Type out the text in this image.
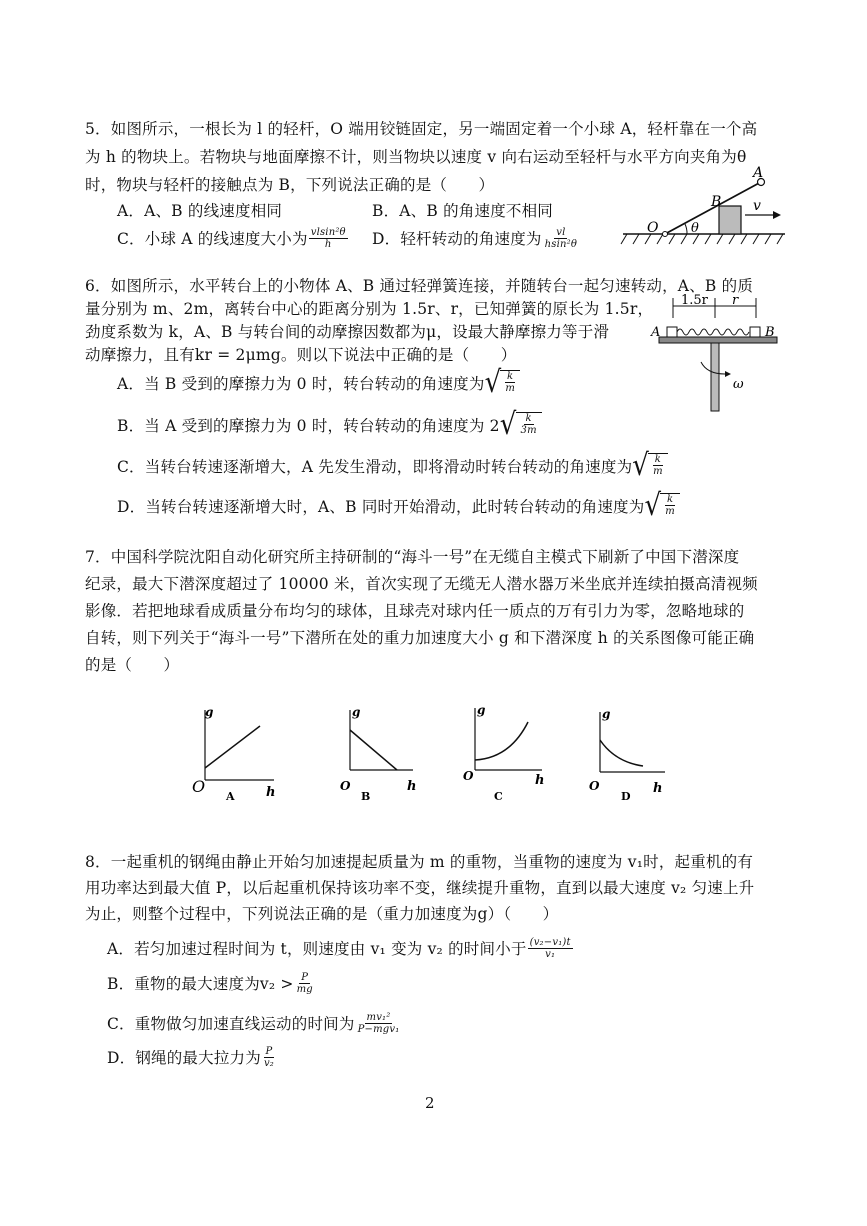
5．如图所示，一根长为 l 的轻杆，O 端用铰链固定，另一端固定着一个小球 A，轻杆靠在一个高
为 h 的物块上。若物块与地面摩擦不计，则当物块以速度 v 向右运动至轻杆与水平方向夹角为θ
时，物块与轻杆的接触点为 B，下列说法正确的是（　　）
A．A、B 的线速度相同	B．A、B 的角速度不相同
C．小球 A 的线速度大小为 $\frac{\text{vlsin²θ}}{h}$ D．轻杆转动的角速度为 $\frac{vl}{\text{hsin²θ}}$
A
B
O	θ
v
6．如图所示，水平转台上的小物体 A、B 通过轻弹簧连接，并随转台一起匀速转动，A、B 的质
量分别为 m、2m，离转台中心的距离分别为 1.5r、r，已知弹簧的原长为 1.5r，
劲度系数为 k，A、B 与转台间的动摩擦因数都为μ，设最大静摩擦力等于滑
动摩擦力，且有kr = 2μmg。则以下说法中正确的是（　　）
A．当 B 受到的摩擦力为 0 时，转台转动的角速度为 √ $\frac{k}{m}$
B．当 A 受到的摩擦力为 0 时，转台转动的角速度为 2 √ $\frac{k}{3m}$
C．当转台转速逐渐增大，A 先发生滑动，即将滑动时转台转动的角速度为 √ $\frac{k}{m}$
D．当转台转速逐渐增大时，A、B 同时开始滑动，此时转台转动的角速度为 √ $\frac{k}{m}$
1.5r r
A	B
ω
7．中国科学院沈阳自动化研究所主持研制的“海斗一号”在无缆自主模式下刷新了中国下潜深度
纪录，最大下潜深度超过了 10000 米，首次实现了无缆无人潜水器万米坐底并连续拍摄高清视频
影像．若把地球看成质量分布均匀的球体，且球壳对球内任一质点的万有引力为零，忽略地球的
自转，则下列关于“海斗一号”下潜所在处的重力加速度大小 g 和下潜深度 h 的关系图像可能正确
的是（　　）
g
O	h
A
g
O	h
B
g
O	h
C
g
O	h
D
8．一起重机的钢绳由静止开始匀加速提起质量为 m 的重物，当重物的速度为 v₁时，起重机的有
用功率达到最大值 P，以后起重机保持该功率不变，继续提升重物，直到以最大速度 v₂ 匀速上升
为止，则整个过程中，下列说法正确的是（重力加速度为g）（　　）
A．若匀加速过程时间为 t，则速度由 v₁ 变为 v₂ 的时间小于 $\frac{\text{(v₂−v₁)t}}{\text{v₁}}$
B．重物的最大速度为$v_2 > \frac{P}{mg}$
C．重物做匀加速直线运动的时间为 $\frac{\text{mv₁²}}{\text{P−mgv₁}}$
D．钢绳的最大拉力为 $\frac{P}{\text{v₂}}$
2
